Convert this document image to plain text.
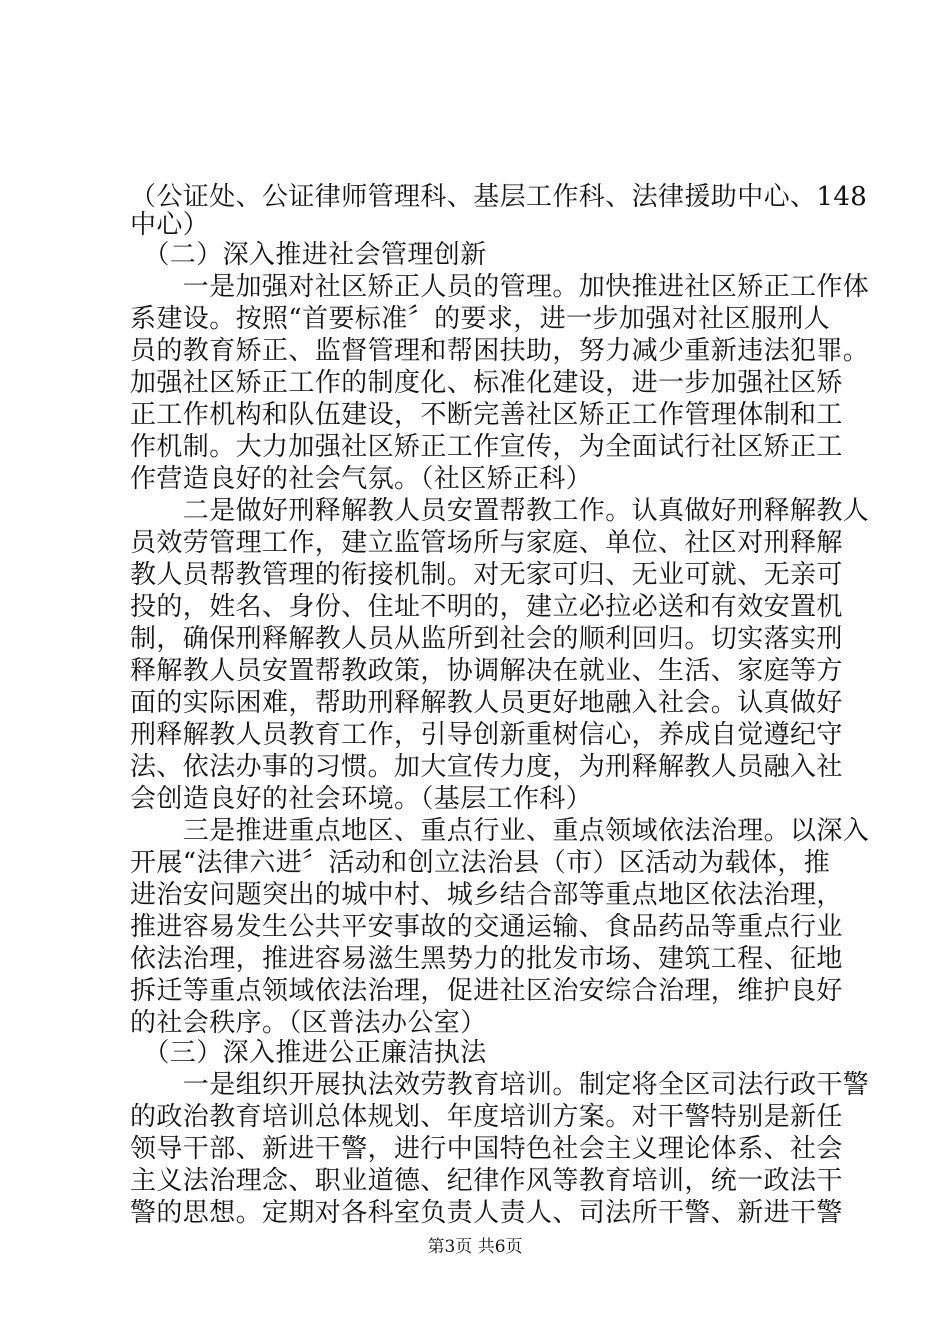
（公证处、公证律师管理科、基层工作科、法律援助中心、148
中心）
　（二）深入推进社会管理创新
　　一是加强对社区矫正人员的管理。加快推进社区矫正工作体
系建设。按照“首要标准〞的要求，进一步加强对社区服刑人
员的教育矫正、监督管理和帮困扶助，努力减少重新违法犯罪。
加强社区矫正工作的制度化、标准化建设，进一步加强社区矫
正工作机构和队伍建设，不断完善社区矫正工作管理体制和工
作机制。大力加强社区矫正工作宣传，为全面试行社区矫正工
作营造良好的社会气氛。（社区矫正科）
　　二是做好刑释解教人员安置帮教工作。认真做好刑释解教人
员效劳管理工作，建立监管场所与家庭、单位、社区对刑释解
教人员帮教管理的衔接机制。对无家可归、无业可就、无亲可
投的，姓名、身份、住址不明的，建立必拉必送和有效安置机
制，确保刑释解教人员从监所到社会的顺利回归。切实落实刑
释解教人员安置帮教政策，协调解决在就业、生活、家庭等方
面的实际困难，帮助刑释解教人员更好地融入社会。认真做好
刑释解教人员教育工作，引导创新重树信心，养成自觉遵纪守
法、依法办事的习惯。加大宣传力度，为刑释解教人员融入社
会创造良好的社会环境。（基层工作科）
　　三是推进重点地区、重点行业、重点领域依法治理。以深入
开展“法律六进〞活动和创立法治县（市）区活动为载体，推
进治安问题突出的城中村、城乡结合部等重点地区依法治理，
推进容易发生公共平安事故的交通运输、食品药品等重点行业
依法治理，推进容易滋生黑势力的批发市场、建筑工程、征地
拆迁等重点领域依法治理，促进社区治安综合治理，维护良好
的社会秩序。（区普法办公室）
　（三）深入推进公正廉洁执法
　　一是组织开展执法效劳教育培训。制定将全区司法行政干警
的政治教育培训总体规划、年度培训方案。对干警特别是新任
领导干部、新进干警，进行中国特色社会主义理论体系、社会
主义法治理念、职业道德、纪律作风等教育培训，统一政法干
警的思想。定期对各科室负责人责人、司法所干警、新进干警
第3页 共6页
